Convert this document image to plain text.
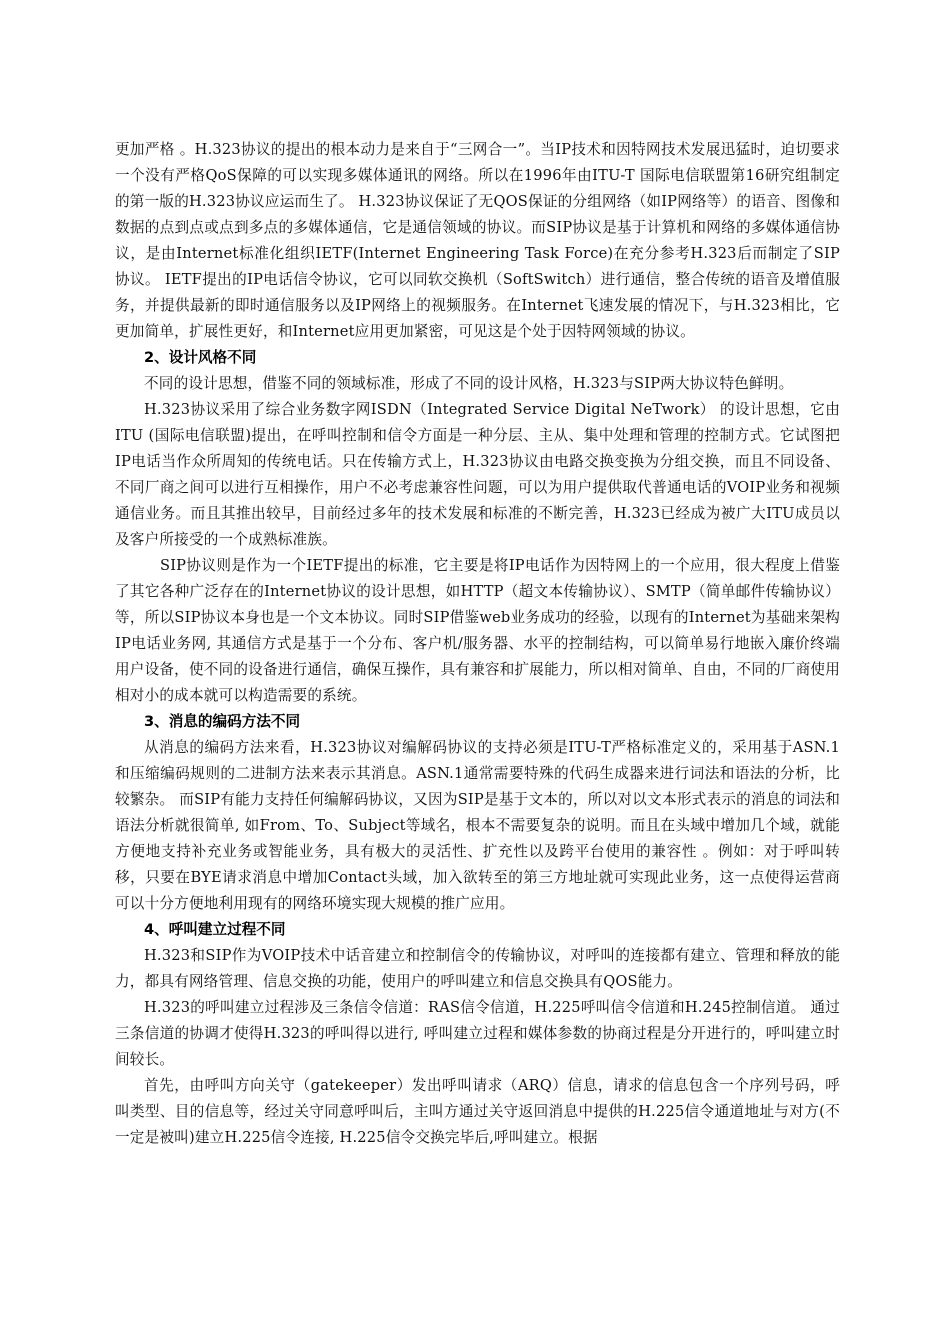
更加严格 。H.323协议的提出的根本动力是来自于“三网合一”。当IP技术和因特网技术发展迅猛时，迫切要求一个没有严格QoS保障的可以实现多媒体通讯的网络。所以在1996年由ITU-T 国际电信联盟第16研究组制定的第一版的H.323协议应运而生了。 H.323协议保证了无QOS保证的分组网络（如IP网络等）的语音、图像和数据的点到点或点到多点的多媒体通信，它是通信领域的协议。而SIP协议是基于计算机和网络的多媒体通信协议，是由Internet标准化组织IETF(Internet Engineering Task Force)在充分参考H.323后而制定了SIP协议。 IETF提出的IP电话信令协议，它可以同软交换机（SoftSwitch）进行通信，整合传统的语音及增值服务，并提供最新的即时通信服务以及IP网络上的视频服务。在Internet飞速发展的情况下，与H.323相比，它更加简单，扩展性更好，和Internet应用更加紧密，可见这是个处于因特网领域的协议。

2、设计风格不同

不同的设计思想，借鉴不同的领域标准，形成了不同的设计风格，H.323与SIP两大协议特色鲜明。

H.323协议采用了综合业务数字网ISDN（Integrated Service Digital NeTwork） 的设计思想，它由ITU (国际电信联盟)提出，在呼叫控制和信令方面是一种分层、主从、集中处理和管理的控制方式。它试图把IP电话当作众所周知的传统电话。只在传输方式上，H.323协议由电路交换变换为分组交换，而且不同设备、不同厂商之间可以进行互相操作，用户不必考虑兼容性问题，可以为用户提供取代普通电话的VOIP业务和视频通信业务。而且其推出较早，目前经过多年的技术发展和标准的不断完善，H.323已经成为被广大ITU成员以及客户所接受的一个成熟标准族。

SIP协议则是作为一个IETF提出的标准，它主要是将IP电话作为因特网上的一个应用，很大程度上借鉴了其它各种广泛存在的Internet协议的设计思想，如HTTP（超文本传输协议）、SMTP（简单邮件传输协议）等，所以SIP协议本身也是一个文本协议。同时SIP借鉴web业务成功的经验，以现有的Internet为基础来架构IP电话业务网, 其通信方式是基于一个分布、客户机/服务器、水平的控制结构，可以简单易行地嵌入廉价终端用户设备，使不同的设备进行通信，确保互操作，具有兼容和扩展能力，所以相对简单、自由，不同的厂商使用相对小的成本就可以构造需要的系统。

3、消息的编码方法不同

从消息的编码方法来看，H.323协议对编解码协议的支持必须是ITU-T严格标准定义的，采用基于ASN.1和压缩编码规则的二进制方法来表示其消息。ASN.1通常需要特殊的代码生成器来进行词法和语法的分析，比较繁杂。 而SIP有能力支持任何编解码协议，又因为SIP是基于文本的，所以对以文本形式表示的消息的词法和语法分析就很简单, 如From、To、Subject等域名，根本不需要复杂的说明。而且在头域中增加几个域，就能方便地支持补充业务或智能业务，具有极大的灵活性、扩充性以及跨平台使用的兼容性 。例如：对于呼叫转移，只要在BYE请求消息中增加Contact头域，加入欲转至的第三方地址就可实现此业务，这一点使得运营商可以十分方便地利用现有的网络环境实现大规模的推广应用。

4、呼叫建立过程不同

H.323和SIP作为VOIP技术中话音建立和控制信令的传输协议，对呼叫的连接都有建立、管理和释放的能力，都具有网络管理、信息交换的功能，使用户的呼叫建立和信息交换具有QOS能力。

H.323的呼叫建立过程涉及三条信令信道：RAS信令信道，H.225呼叫信令信道和H.245控制信道。 通过三条信道的协调才使得H.323的呼叫得以进行, 呼叫建立过程和媒体参数的协商过程是分开进行的，呼叫建立时间较长。

首先，由呼叫方向关守（gatekeeper）发出呼叫请求（ARQ）信息，请求的信息包含一个序列号码，呼叫类型、目的信息等，经过关守同意呼叫后，主叫方通过关守返回消息中提供的H.225信令通道地址与对方(不一定是被叫)建立H.225信令连接, H.225信令交换完毕后,呼叫建立。根据
